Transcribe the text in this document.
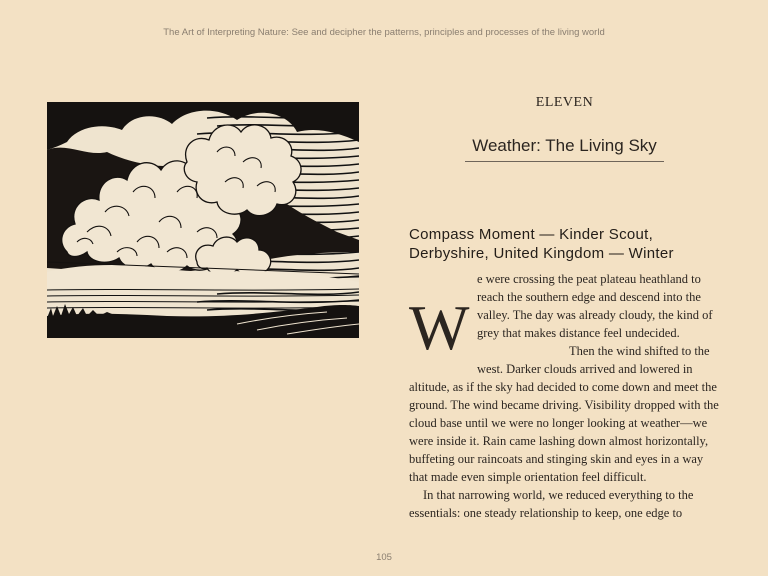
The Art of Interpreting Nature: See and decipher the patterns, principles and processes of the living world
ELEVEN
Weather: The Living Sky
Compass Moment — Kinder Scout, Derbyshire, United Kingdom — Winter

W
e were crossing the peat plateau heathland to reach the southern edge and descend into the valley. The day was already cloudy, the kind of grey that makes distance feel undecided.

Then the wind shifted to the west. Darker clouds arrived and lowered in altitude, as if the sky had decided to come down and meet the ground. The wind became driving. Visibility dropped with the cloud base until we were no longer looking at weather—we were inside it. Rain came lashing down almost horizontally, buffeting our raincoats and stinging skin and eyes in a way that made even simple orientation feel difficult.

In that narrowing world, we reduced everything to the essentials: one steady relationship to keep, one edge to

105
